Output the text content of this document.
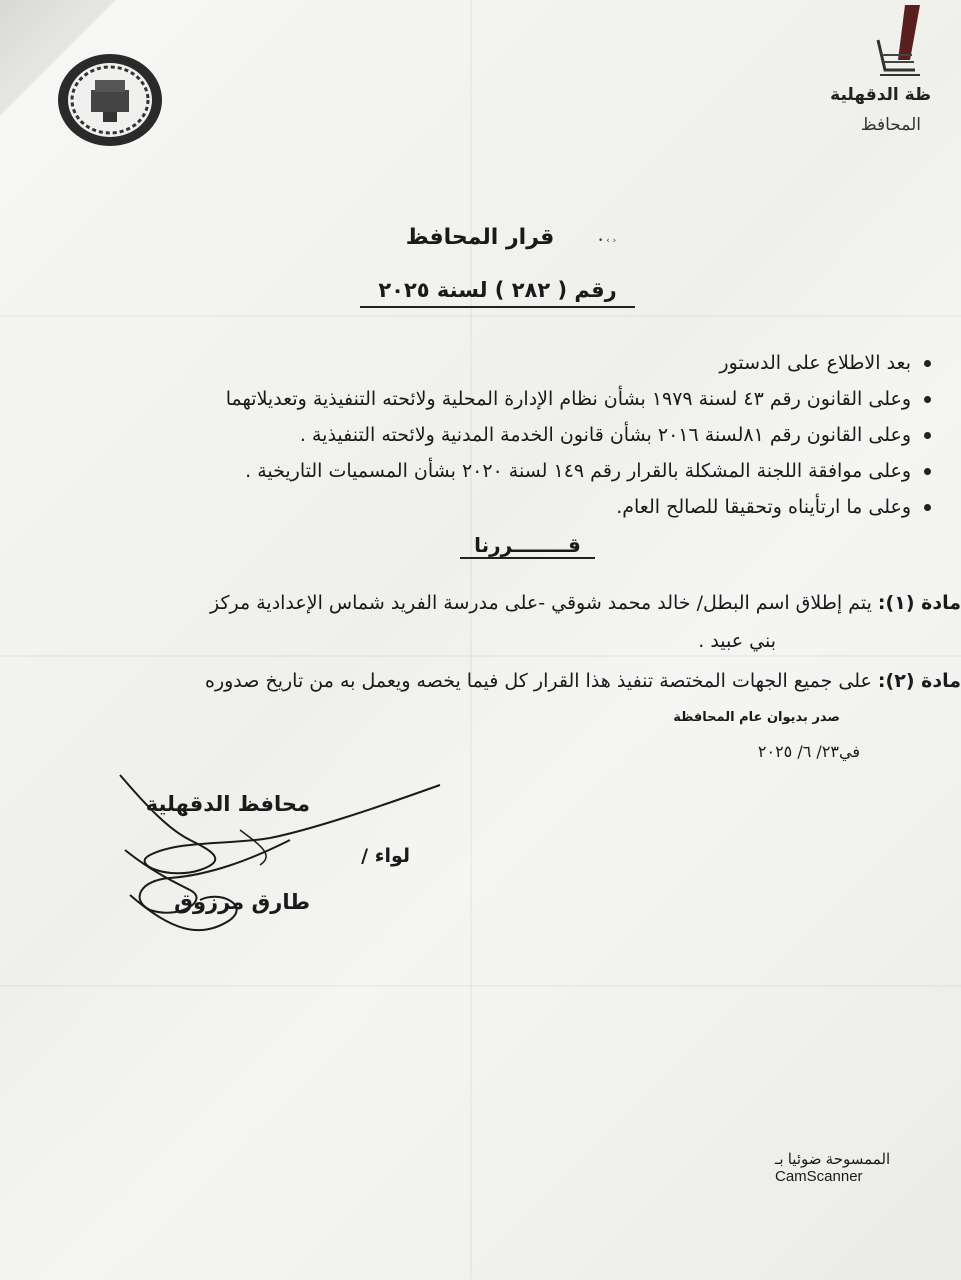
ظة الدقهلية
المحافظ
• ‹ ›
قرار المحافظ
رقم ( ٢٨٢ ) لسنة ٢٠٢٥
بعد الاطلاع على الدستور
وعلى القانون رقم ٤٣ لسنة ١٩٧٩ بشأن نظام الإدارة المحلية ولائحته التنفيذية وتعديلاتهما
وعلى القانون رقم ٨١لسنة ٢٠١٦ بشأن قانون الخدمة المدنية ولائحته التنفيذية .
وعلى موافقة اللجنة المشكلة بالقرار رقم ١٤٩ لسنة ٢٠٢٠ بشأن المسميات التاريخية .
وعلى ما ارتأيناه وتحقيقا للصالح العام.
قــــــــررنا
مادة (١): يتم إطلاق اسم البطل/ خالد محمد شوقي -على مدرسة الفريد شماس الإعدادية مركز
بني عبيد .
مادة (٢): على جميع الجهات المختصة تنفيذ هذا القرار كل فيما يخصه ويعمل به من تاريخ صدوره
صدر بديوان عام المحافظة
في٢٣/ ٦/ ٢٠٢٥
محافظ الدقهلية
لواء /
طارق مرزوق
الممسوحة ضوئيا بـ CamScanner
